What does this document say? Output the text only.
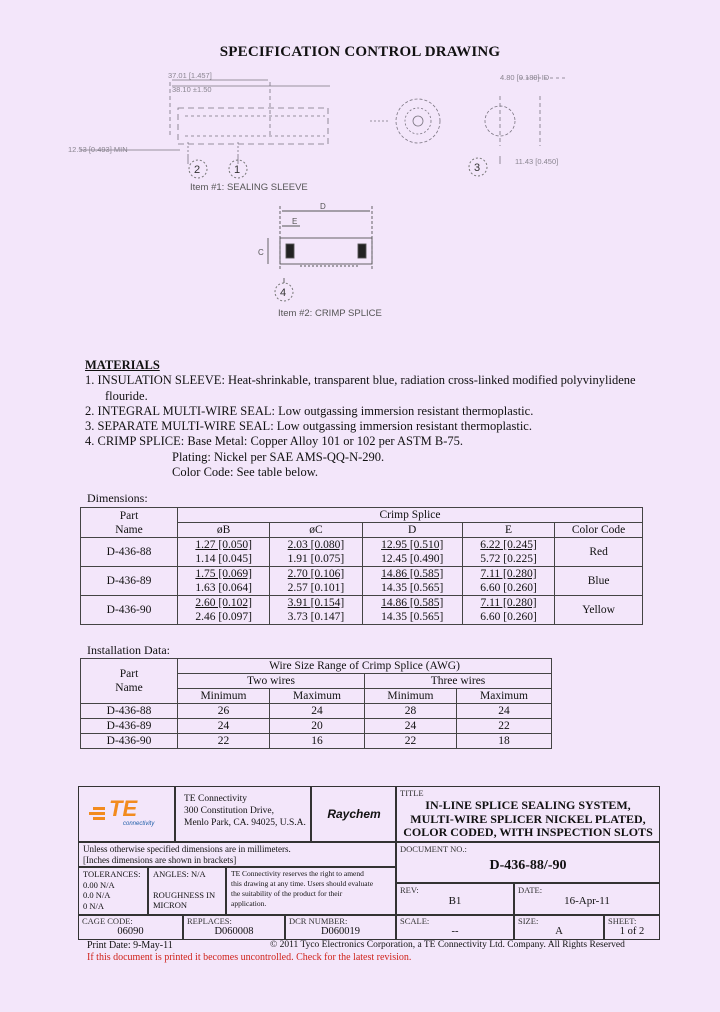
SPECIFICATION CONTROL DRAWING
37.01 [1.457]
38.10 ±1.50
12.53 [0.493] MIN
4.80 [0.189] ID
11.43 [0.450]
2	1	3
4
Item #1: SEALING SLEEVE
D
E
C
Item #2: CRIMP SPLICE
MATERIALS
1. INSULATION SLEEVE: Heat-shrinkable, transparent blue, radiation cross-linked modified polyvinylidene
flouride.
2. INTEGRAL MULTI-WIRE SEAL: Low outgassing immersion resistant thermoplastic.
3. SEPARATE MULTI-WIRE SEAL: Low outgassing immersion resistant thermoplastic.
4. CRIMP SPLICE: Base Metal: Copper Alloy 101 or 102 per ASTM B-75.
Plating: Nickel per SAE AMS-QQ-N-290.
Color Code: See table below.
Dimensions:
Part
Name	Crimp Splice				
	øB	øC	D	E	Color Code
D-436-88	1.27 [0.050]	2.03 [0.080]	12.95 [0.510]	6.22 [0.245]	Red
	1.14 [0.045]	1.91 [0.075]	12.45 [0.490]	5.72 [0.225]	
D-436-89	1.75 [0.069]	2.70 [0.106]	14.86 [0.585]	7.11 [0.280]	Blue
	1.63 [0.064]	2.57 [0.101]	14.35 [0.565]	6.60 [0.260]	
D-436-90	2.60 [0.102]	3.91 [0.154]	14.86 [0.585]	7.11 [0.280]	Yellow
	2.46 [0.097]	3.73 [0.147]	14.35 [0.565]	6.60 [0.260]	
Installation Data:
Part
Name	Wire Size Range of Crimp Splice (AWG)			
	Two wires		Three wires	
	Minimum	Maximum	Minimum	Maximum
D-436-88	26	24	28	24
D-436-89	24	20	24	22
D-436-90	22	16	22	18
TE
connectivity
TE Connectivity
300 Constitution Drive,
Menlo Park, CA. 94025, U.S.A.
Raychem
TITLE
IN-LINE SPLICE SEALING SYSTEM,
MULTI-WIRE SPLICER NICKEL PLATED,
COLOR CODED, WITH INSPECTION SLOTS
Unless otherwise specified dimensions are in millimeters.
[Inches dimensions are shown in brackets]
DOCUMENT NO.:
D-436-88/-90
TOLERANCES:
0.00 N/A
0.0 N/A
0 N/A
ANGLES: N/A
ROUGHNESS IN
MICRON
TE Connectivity reserves the right to amend
this drawing at any time. Users should evaluate
the suitability of the product for their
application.
REV:
B1
DATE:
16-Apr-11
CAGE CODE:
06090
REPLACES:
D060008
DCR NUMBER:
D060019
SCALE:
--
SIZE:
A
SHEET:
1 of 2
Print Date: 9-May-11	© 2011 Tyco Electronics Corporation, a TE Connectivity Ltd. Company. All Rights Reserved
If this document is printed it becomes uncontrolled. Check for the latest revision.
